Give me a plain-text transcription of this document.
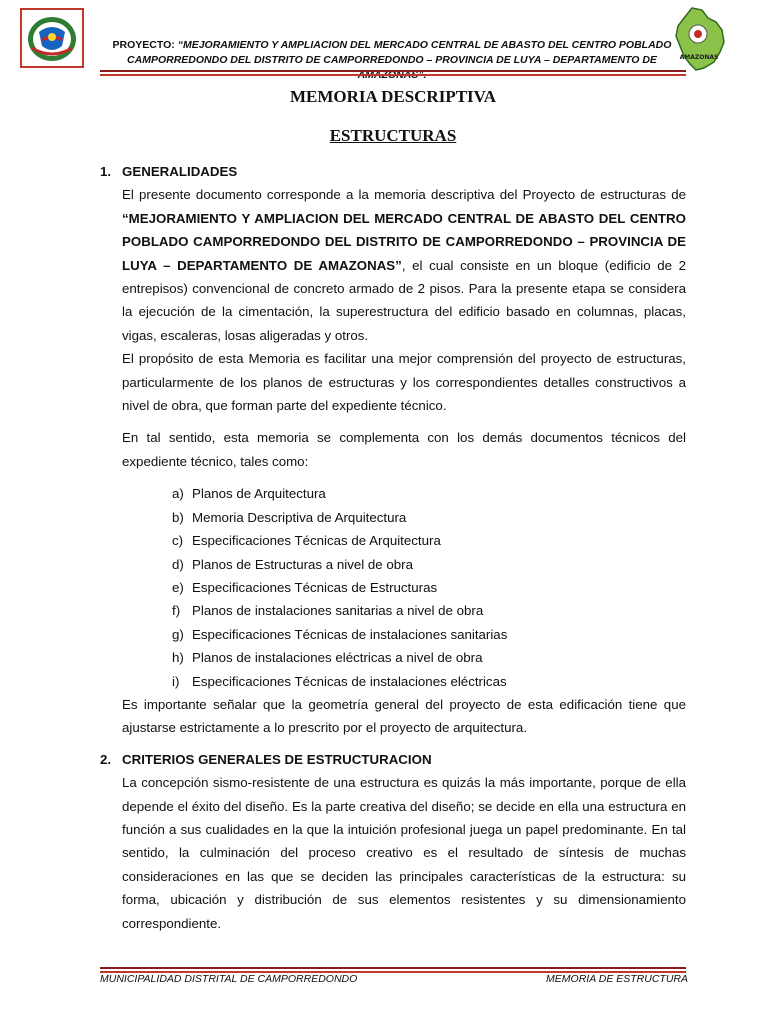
AMAZONAS
PROYECTO: “MEJORAMIENTO Y AMPLIACION DEL MERCADO CENTRAL DE ABASTO DEL CENTRO POBLADO
CAMPORREDONDO DEL DISTRITO DE CAMPORREDONDO – PROVINCIA DE LUYA – DEPARTAMENTO DE
MEMORIA DESCRIPTIVA
ESTRUCTURAS
1. GENERALIDADES
El presente documento corresponde a la memoria descriptiva del Proyecto de estructuras de “MEJORAMIENTO Y AMPLIACION DEL MERCADO CENTRAL DE ABASTO DEL CENTRO POBLADO CAMPORREDONDO DEL DISTRITO DE CAMPORREDONDO – PROVINCIA DE LUYA – DEPARTAMENTO DE AMAZONAS”, el cual consiste en un bloque (edificio de 2 entrepisos) convencional de concreto armado de 2 pisos. Para la presente etapa se considera la ejecución de la cimentación, la superestructura del edificio basado en columnas, placas, vigas, escaleras, losas aligeradas y otros.
El propósito de esta Memoria es facilitar una mejor comprensión del proyecto de estructuras, particularmente de los planos de estructuras y los correspondientes detalles constructivos a nivel de obra, que forman parte del expediente técnico.
En tal sentido, esta memoria se complementa con los demás documentos técnicos del expediente técnico, tales como:
a) Planos de Arquitectura
b) Memoria Descriptiva de Arquitectura
c) Especificaciones Técnicas de Arquitectura
d) Planos de Estructuras a nivel de obra
e) Especificaciones Técnicas de Estructuras
f) Planos de instalaciones sanitarias a nivel de obra
g) Especificaciones Técnicas de instalaciones sanitarias
h) Planos de instalaciones eléctricas a nivel de obra
i) Especificaciones Técnicas de instalaciones eléctricas
Es importante señalar que la geometría general del proyecto de esta edificación tiene que ajustarse estrictamente a lo prescrito por el proyecto de arquitectura.
2. CRITERIOS GENERALES DE ESTRUCTURACION
La concepción sismo-resistente de una estructura es quizás la más importante, porque de ella depende el éxito del diseño. Es la parte creativa del diseño; se decide en ella una estructura en función a sus cualidades en la que la intuición profesional juega un papel predominante. En tal sentido, la culminación del proceso creativo es el resultado de síntesis de muchas consideraciones en las que se deciden las principales características de la estructura: su forma, ubicación y distribución de sus elementos resistentes y su dimensionamiento correspondiente.
MUNICIPALIDAD DISTRITAL DE CAMPORREDONDO	MEMORIA DE ESTRUCTURA
